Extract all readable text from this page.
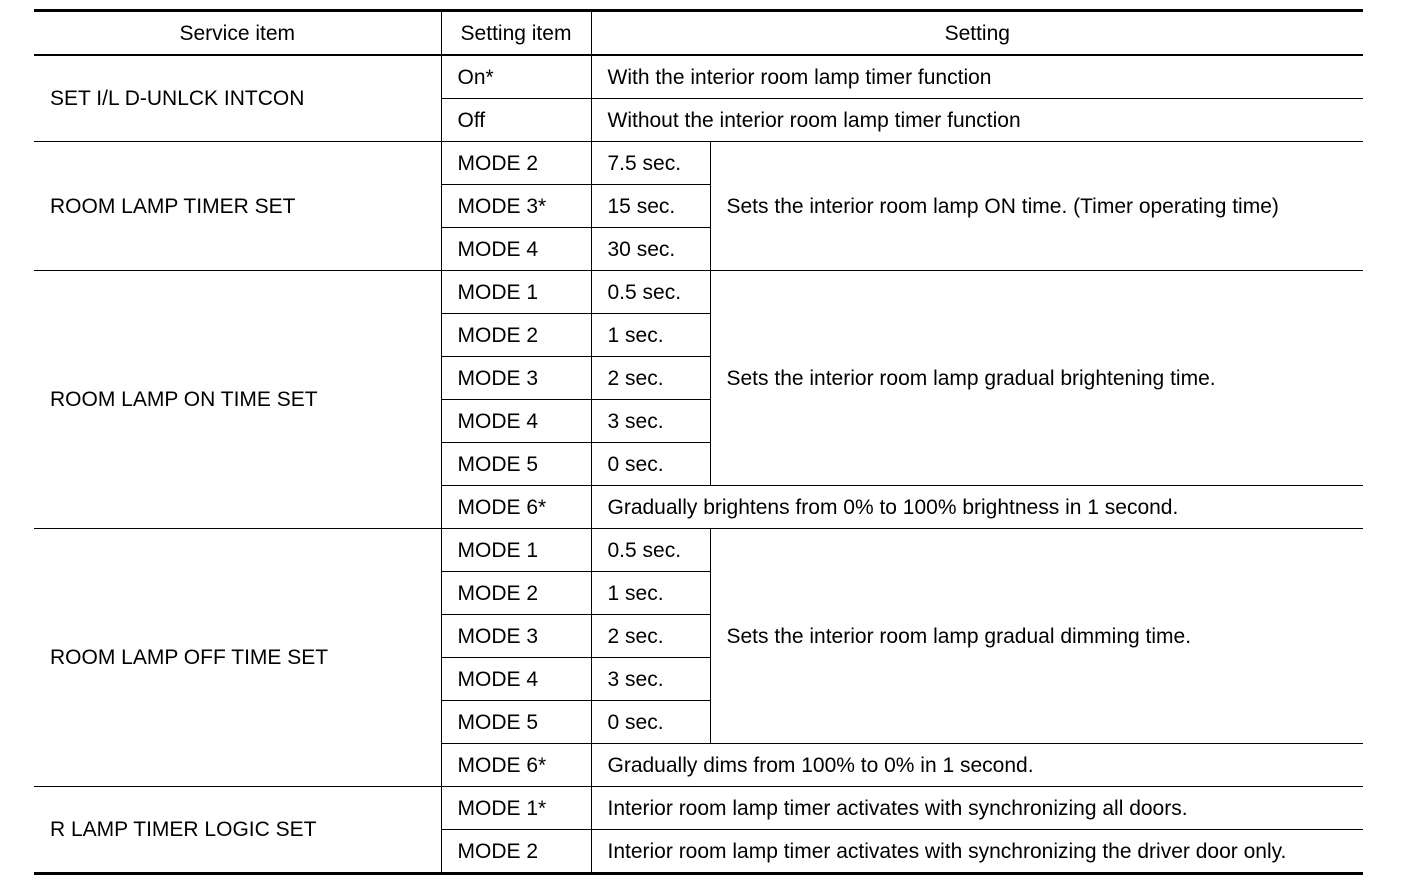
Service item	Setting item	Setting	
SET I/L D-UNLCK INTCON	On*	With the interior room lamp timer function	
	Off	Without the interior room lamp timer function	
ROOM LAMP TIMER SET	MODE 2	7.5 sec.	Sets the interior room lamp ON time. (Timer operating time)
	MODE 3*	15 sec.	
	MODE 4	30 sec.	
ROOM LAMP ON TIME SET	MODE 1	0.5 sec.	Sets the interior room lamp gradual brightening time.
	MODE 2	1 sec.	
	MODE 3	2 sec.	
	MODE 4	3 sec.	
	MODE 5	0 sec.	
	MODE 6*	Gradually brightens from 0% to 100% brightness in 1 second.	
ROOM LAMP OFF TIME SET	MODE 1	0.5 sec.	Sets the interior room lamp gradual dimming time.
	MODE 2	1 sec.	
	MODE 3	2 sec.	
	MODE 4	3 sec.	
	MODE 5	0 sec.	
	MODE 6*	Gradually dims from 100% to 0% in 1 second.	
R LAMP TIMER LOGIC SET	MODE 1*	Interior room lamp timer activates with synchronizing all doors.	
	MODE 2	Interior room lamp timer activates with synchronizing the driver door only.	
